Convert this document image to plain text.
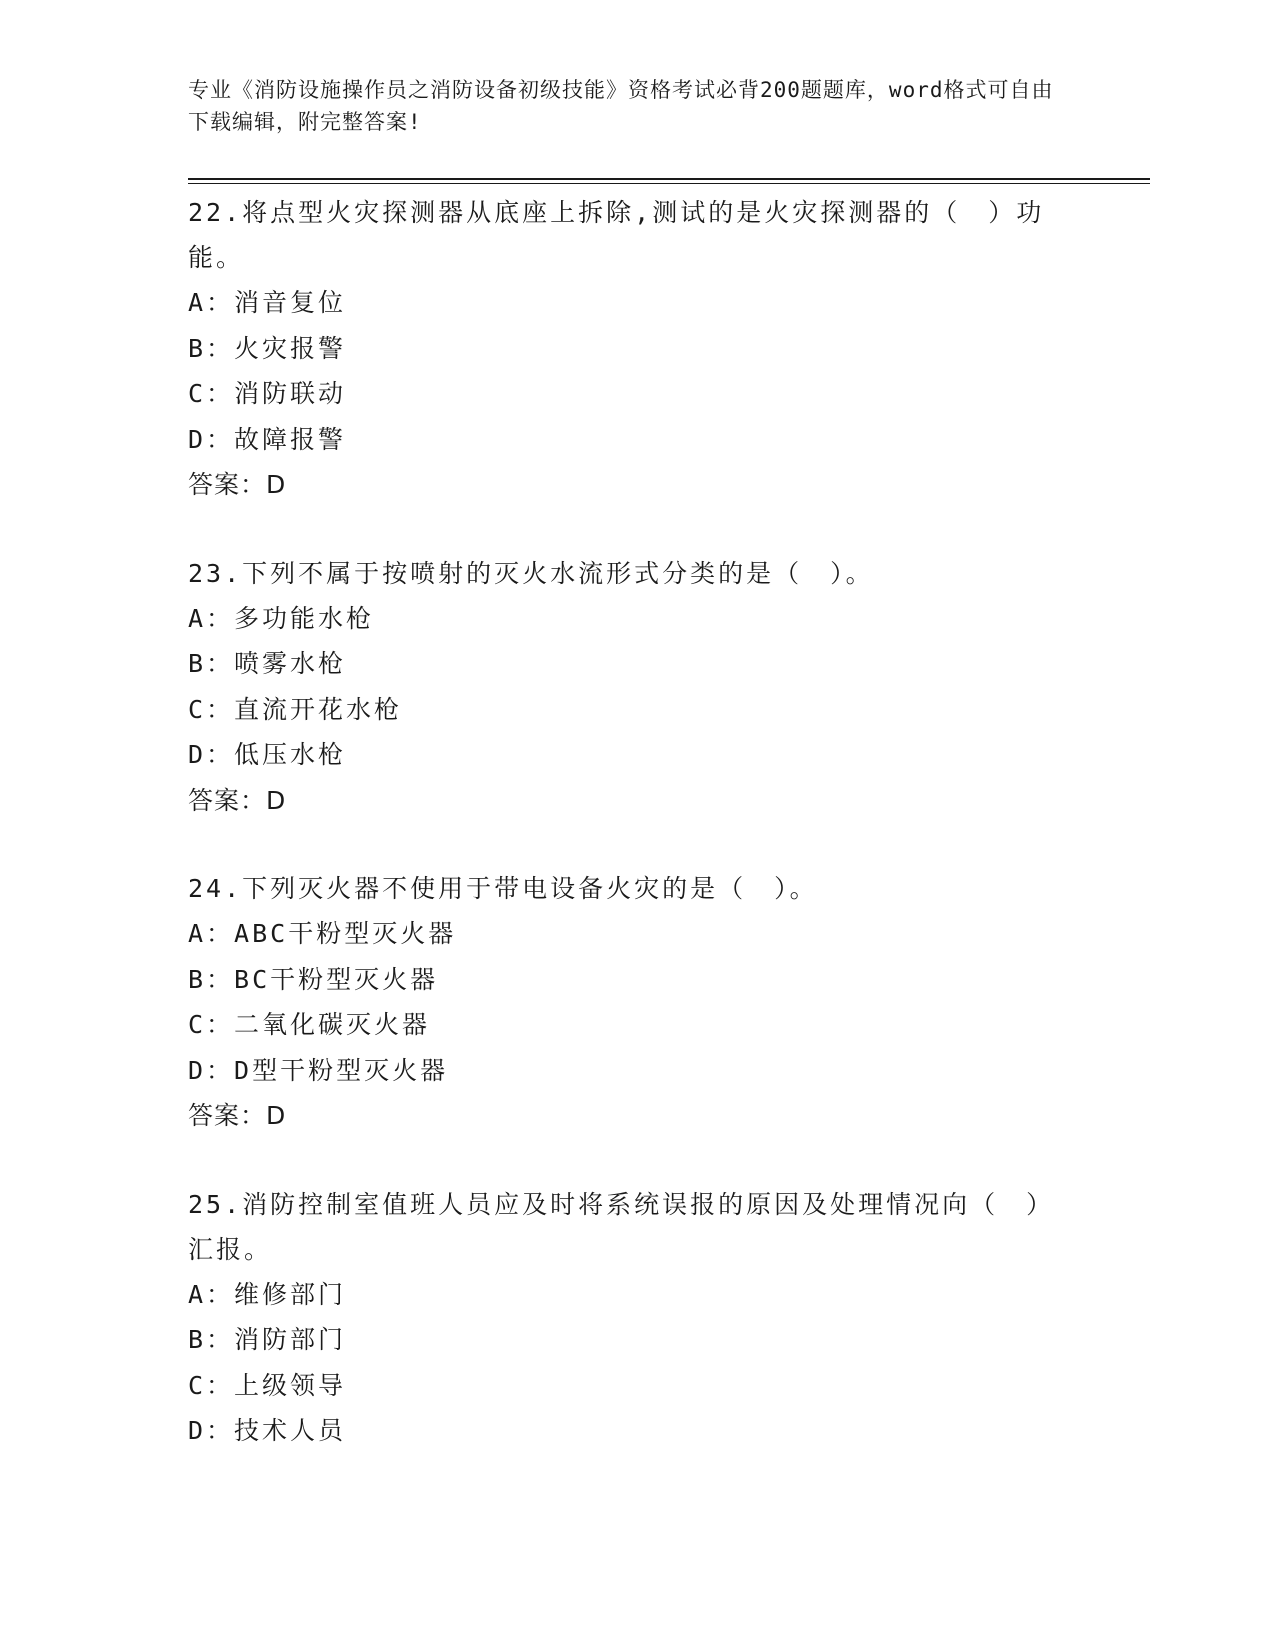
专业《消防设施操作员之消防设备初级技能》资格考试必背200题题库，word格式可自由下载编辑，附完整答案!

22.将点型火灾探测器从底座上拆除,测试的是火灾探测器的（　）功能。

A：消音复位

B：火灾报警

C：消防联动

D：故障报警

答案：D

23.下列不属于按喷射的灭火水流形式分类的是（　）。

A：多功能水枪

B：喷雾水枪

C：直流开花水枪

D：低压水枪

答案：D

24.下列灭火器不使用于带电设备火灾的是（　）。

A：ABC干粉型灭火器

B：BC干粉型灭火器

C：二氧化碳灭火器

D：D型干粉型灭火器

答案：D

25.消防控制室值班人员应及时将系统误报的原因及处理情况向（　）汇报。

A：维修部门

B：消防部门

C：上级领导

D：技术人员
